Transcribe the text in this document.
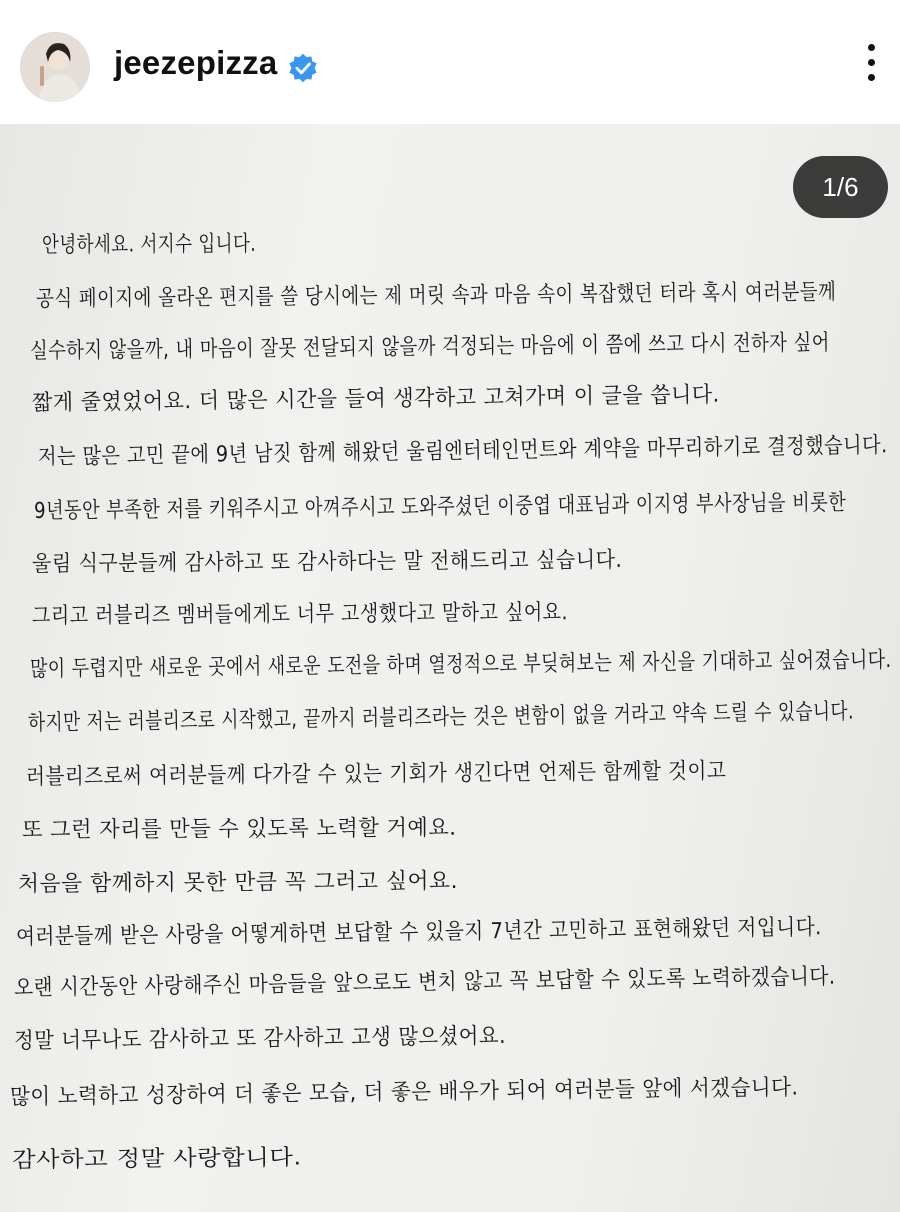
jeezepizza
안녕하세요. 서지수 입니다.
공식 페이지에 올라온 편지를 쓸 당시에는 제 머릿 속과 마음 속이 복잡했던 터라 혹시 여러분들께
실수하지 않을까, 내 마음이 잘못 전달되지 않을까 걱정되는 마음에 이 쯤에 쓰고 다시 전하자 싶어
짧게 줄였었어요. 더 많은 시간을 들여 생각하고 고쳐가며 이 글을 씁니다.
저는 많은 고민 끝에 9년 남짓 함께 해왔던 울림엔터테인먼트와 계약을 마무리하기로 결정했습니다.
9년동안 부족한 저를 키워주시고 아껴주시고 도와주셨던 이중엽 대표님과 이지영 부사장님을 비롯한
울림 식구분들께 감사하고 또 감사하다는 말 전해드리고 싶습니다.
그리고 러블리즈 멤버들에게도 너무 고생했다고 말하고 싶어요.
많이 두렵지만 새로운 곳에서 새로운 도전을 하며 열정적으로 부딪혀보는 제 자신을 기대하고 싶어졌습니다.
하지만 저는 러블리즈로 시작했고, 끝까지 러블리즈라는 것은 변함이 없을 거라고 약속 드릴 수 있습니다.
러블리즈로써 여러분들께 다가갈 수 있는 기회가 생긴다면 언제든 함께할 것이고
또 그런 자리를 만들 수 있도록 노력할 거예요.
처음을 함께하지 못한 만큼 꼭 그러고 싶어요.
여러분들께 받은 사랑을 어떻게하면 보답할 수 있을지 7년간 고민하고 표현해왔던 저입니다.
오랜 시간동안 사랑해주신 마음들을 앞으로도 변치 않고 꼭 보답할 수 있도록 노력하겠습니다.
정말 너무나도 감사하고 또 감사하고 고생 많으셨어요.
많이 노력하고 성장하여 더 좋은 모습, 더 좋은 배우가 되어 여러분들 앞에 서겠습니다.
감사하고 정말 사랑합니다.
1/6
